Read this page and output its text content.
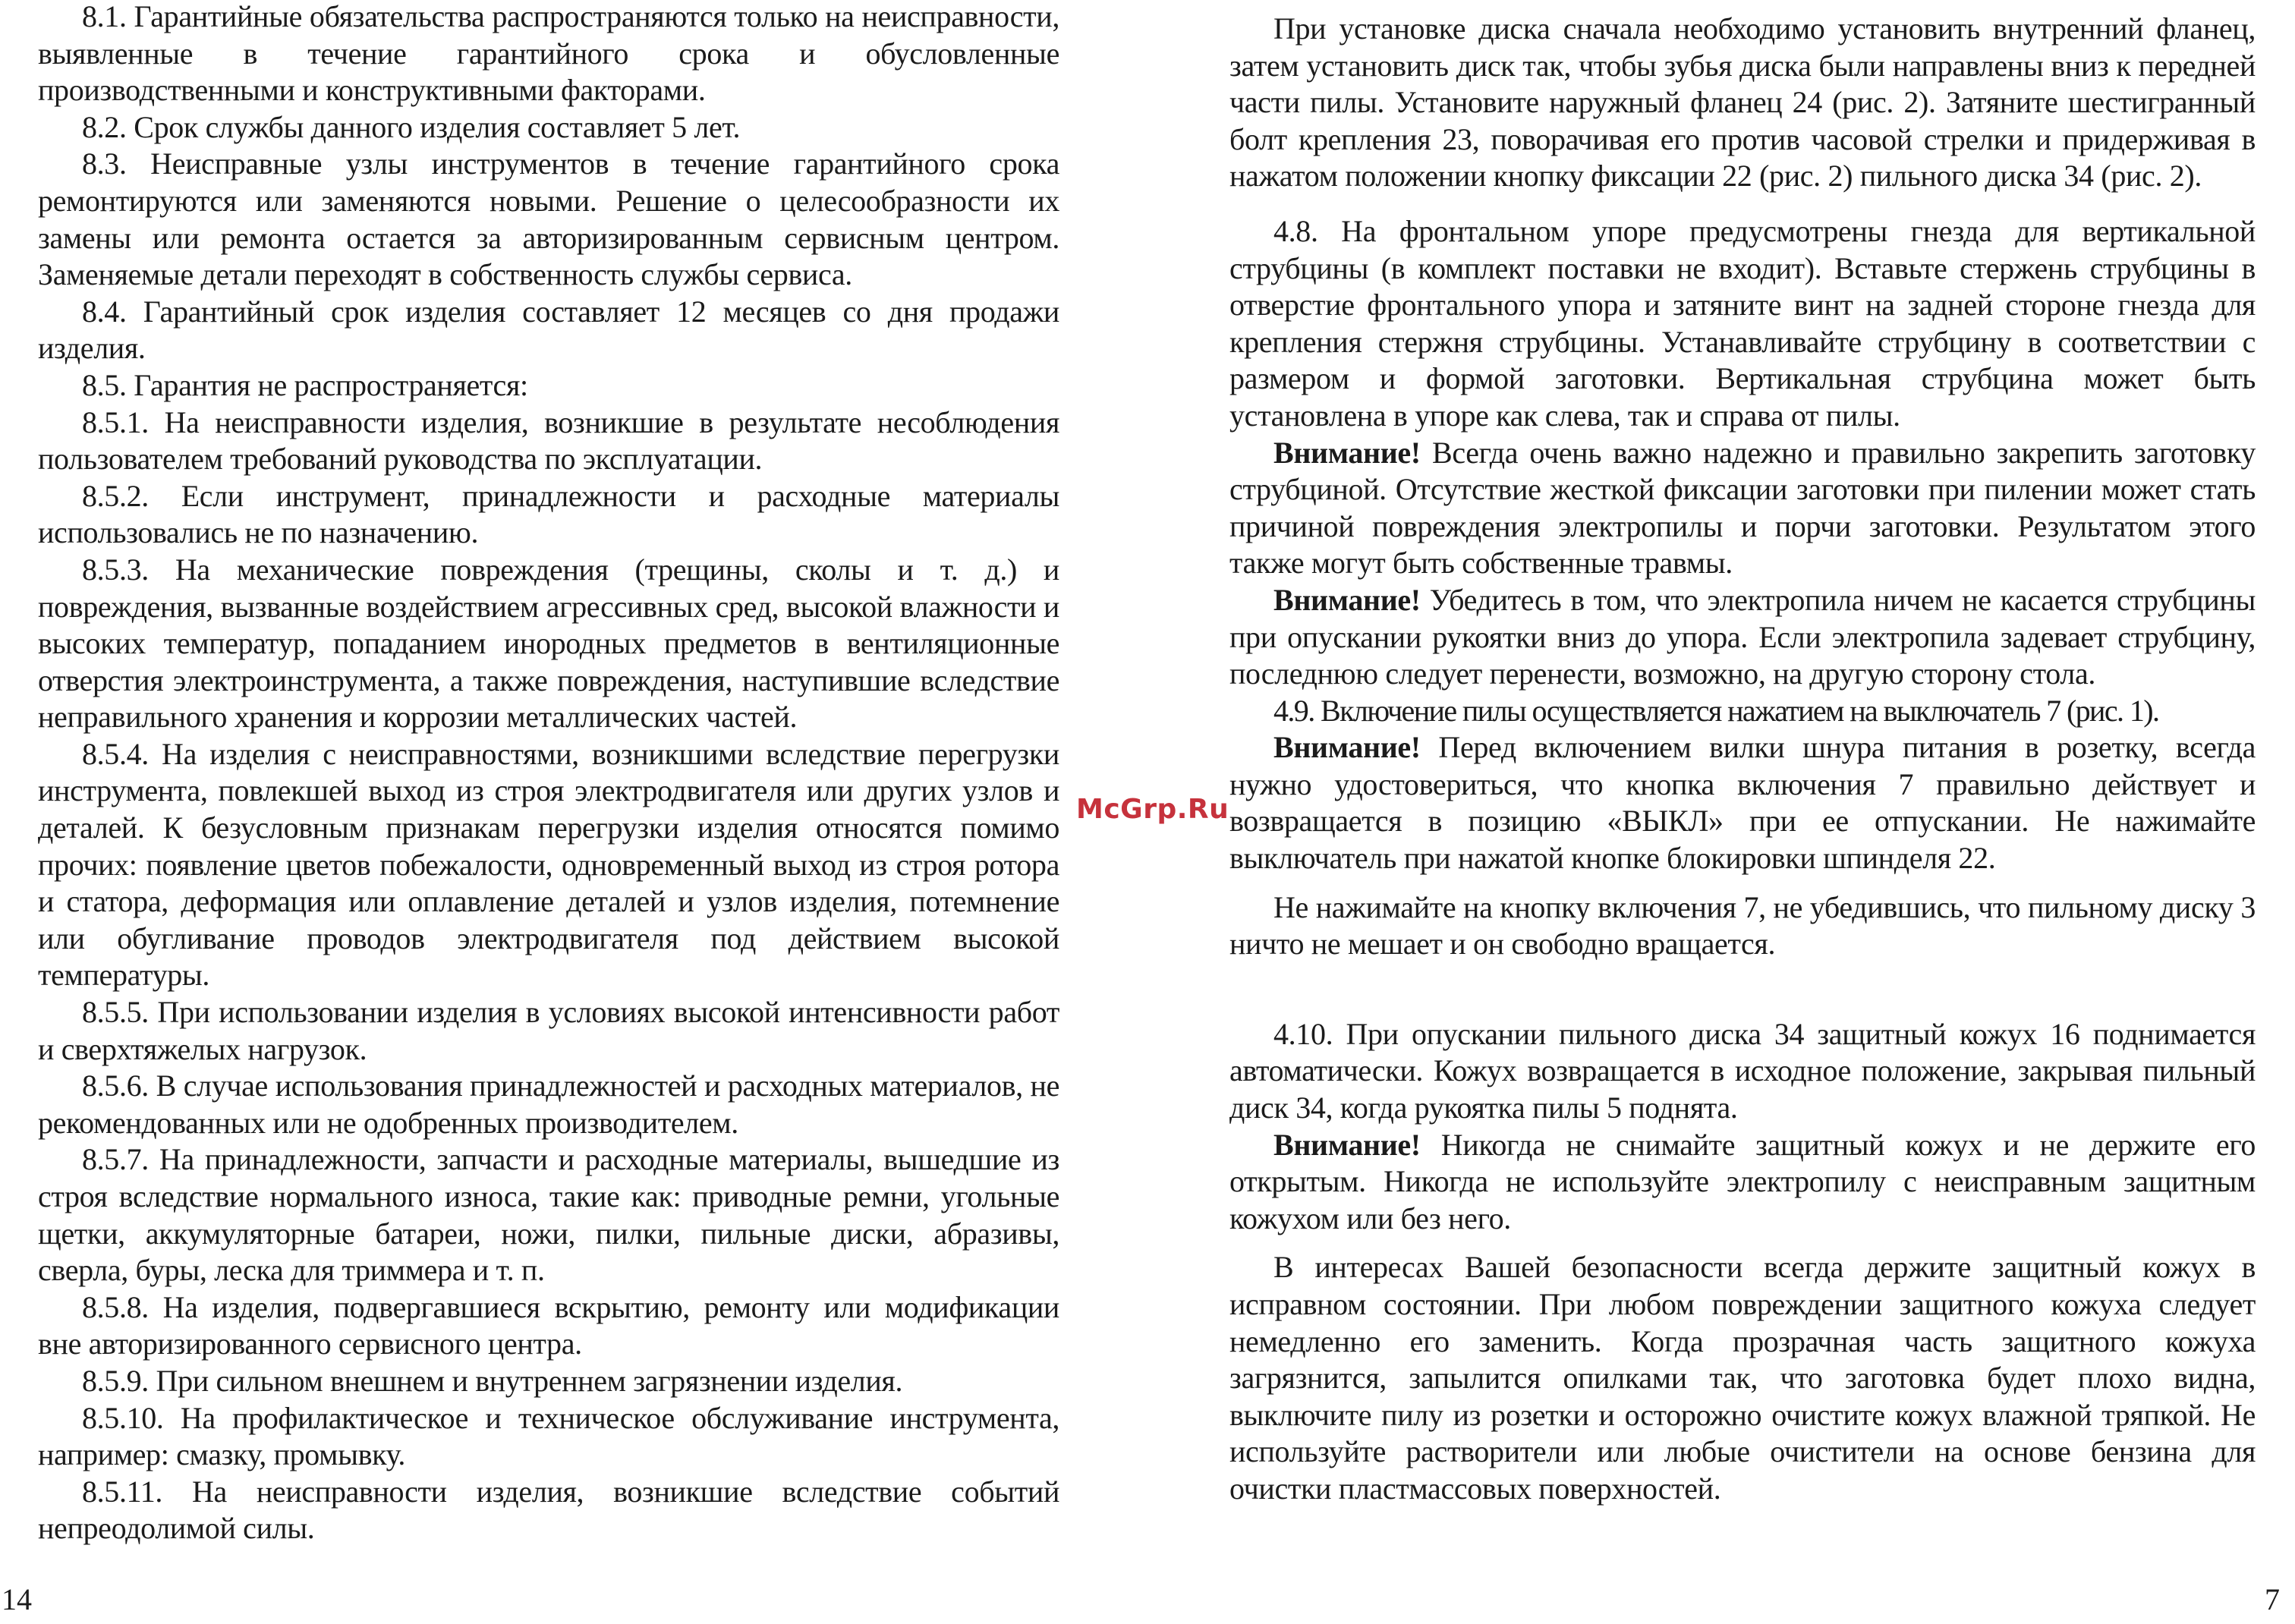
8.1. Гарантийные обязательства распространяются только на неисправности, выявленные в течение гарантийного срока и обусловленные производственными и конструктивными факторами.

8.2. Срок службы данного изделия составляет 5 лет.

8.3. Неисправные узлы инструментов в течение гарантийного срока ремонтируются или заменяются новыми. Решение о целесообразности их замены или ремонта остается за авторизированным сервисным центром. Заменяемые детали переходят в собственность службы сервиса.

8.4. Гарантийный срок изделия составляет 12 месяцев со дня продажи изделия.

8.5. Гарантия не распространяется:

8.5.1. На неисправности изделия, возникшие в результате несоблюдения пользователем требований руководства по эксплуатации.

8.5.2. Если инструмент, принадлежности и расходные материалы использовались не по назначению.

8.5.3. На механические повреждения (трещины, сколы и т. д.) и повреждения, вызванные воздействием агрессивных сред, высокой влажности и высоких температур, попаданием инородных предметов в вентиляционные отверстия электроинструмента, а также повреждения, наступившие вследствие неправильного хранения и коррозии металлических частей.

8.5.4. На изделия с неисправностями, возникшими вследствие перегрузки инструмента, повлекшей выход из строя электродвигателя или других узлов и деталей. К безусловным признакам перегрузки изделия относятся помимо прочих: появление цветов побежалости, одновременный выход из строя ротора и статора, деформация или оплавление деталей и узлов изделия, потемнение или обугливание проводов электродвигателя под действием высокой температуры.

8.5.5. При использовании изделия в условиях высокой интенсивности работ и сверхтяжелых нагрузок.

8.5.6. В случае использования принадлежностей и расходных материалов, не рекомендованных или не одобренных производителем.

8.5.7. На принадлежности, запчасти и расходные материалы, вышедшие из строя вследствие нормального износа, такие как: приводные ремни, угольные щетки, аккумуляторные батареи, ножи, пилки, пильные диски, абразивы, сверла, буры, леска для триммера и т. п.

8.5.8. На изделия, подвергавшиеся вскрытию, ремонту или модификации вне авторизированного сервисного центра.

8.5.9. При сильном внешнем и внутреннем загрязнении изделия.

8.5.10. На профилактическое и техническое обслуживание инструмента, например: смазку, промывку.

8.5.11. На неисправности изделия, возникшие вследствие событий непреодолимой силы.

При установке диска сначала необходимо установить внутренний фланец, затем установить диск так, чтобы зубья диска были направлены вниз к передней части пилы. Установите наружный фланец 24 (рис. 2). Затяните шестигранный болт крепления 23, поворачивая его против часовой стрелки и придерживая в нажатом положении кнопку фиксации 22 (рис. 2) пильного диска 34 (рис. 2).

4.8. На фронтальном упоре предусмотрены гнезда для вертикальной струбцины (в комплект поставки не входит). Вставьте стержень струбцины в отверстие фронтального упора и затяните винт на задней стороне гнезда для крепления стержня струбцины. Устанавливайте струбцину в соответствии с размером и формой заготовки. Вертикальная струбцина может быть установлена в упоре как слева, так и справа от пилы.

Внимание! Всегда очень важно надежно и правильно закрепить заготовку струбциной. Отсутствие жесткой фиксации заготовки при пилении может стать причиной повреждения электропилы и порчи заготовки. Результатом этого также могут быть собственные травмы.

Внимание! Убедитесь в том, что электропила ничем не касается струбцины при опускании рукоятки вниз до упора. Если электропила задевает струбцину, последнюю следует перенести, возможно, на другую сторону стола.

4.9. Включение пилы осуществляется нажатием на выключатель 7 (рис. 1).

Внимание! Перед включением вилки шнура питания в розетку, всегда нужно удостовериться, что кнопка включения 7 правильно действует и возвращается в позицию «ВЫКЛ» при ее отпускании. Не нажимайте выключатель при нажатой кнопке блокировки шпинделя 22.

Не нажимайте на кнопку включения 7, не убедившись, что пильному диску 3 ничто не мешает и он свободно вращается.

4.10. При опускании пильного диска 34 защитный кожух 16 поднимается автоматически. Кожух возвращается в исходное положение, закрывая пильный диск 34, когда рукоятка пилы 5 поднята.

Внимание! Никогда не снимайте защитный кожух и не держите его открытым. Никогда не используйте электропилу с неисправным защитным кожухом или без него.

В интересах Вашей безопасности всегда держите защитный кожух в исправном состоянии. При любом повреждении защитного кожуха следует немедленно его заменить. Когда прозрачная часть защитного кожуха загрязнится, запылится опилками так, что заготовка будет плохо видна, выключите пилу из розетки и осторожно очистите кожух влажной тряпкой. Не используйте растворители или любые очистители на основе бензина для очистки пластмассовых поверхностей.

14	7
McGrp.Ru
